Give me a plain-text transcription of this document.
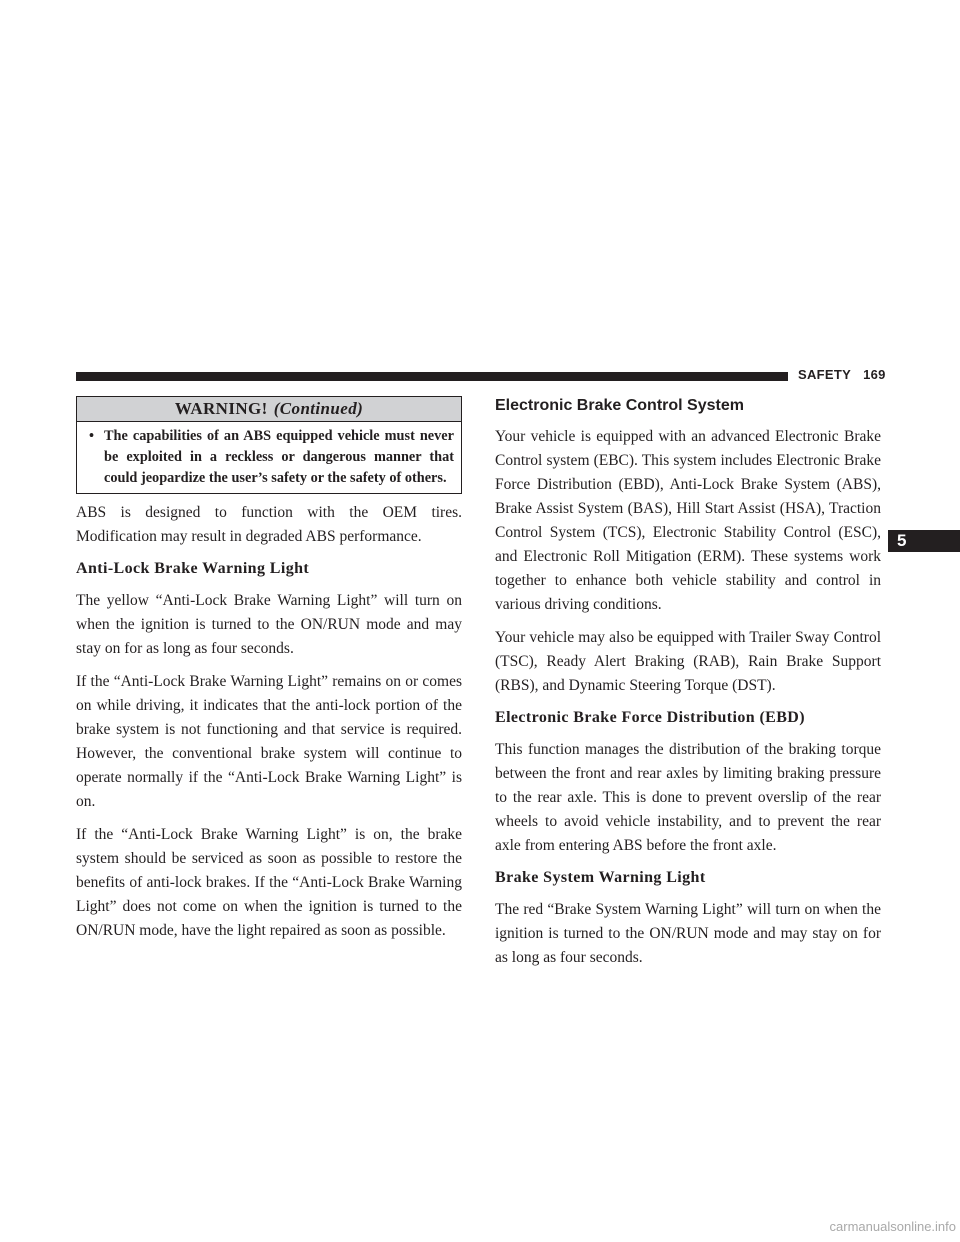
SAFETY 169
5
WARNING! (Continued)
• The capabilities of an ABS equipped vehicle must never be exploited in a reckless or dangerous manner that could jeopardize the user’s safety or the safety of others.

ABS is designed to function with the OEM tires. Modification may result in degraded ABS performance.

Anti-Lock Brake Warning Light

The yellow “Anti-Lock Brake Warning Light” will turn on when the ignition is turned to the ON/RUN mode and may stay on for as long as four seconds.

If the “Anti-Lock Brake Warning Light” remains on or comes on while driving, it indicates that the anti-lock portion of the brake system is not functioning and that service is required. However, the conventional brake system will continue to operate normally if the “Anti-Lock Brake Warning Light” is on.

If the “Anti-Lock Brake Warning Light” is on, the brake system should be serviced as soon as possible to restore the benefits of anti-lock brakes. If the “Anti-Lock Brake Warning Light” does not come on when the ignition is turned to the ON/RUN mode, have the light repaired as soon as possible.

Electronic Brake Control System

Your vehicle is equipped with an advanced Electronic Brake Control system (EBC). This system includes Electronic Brake Force Distribution (EBD), Anti-Lock Brake System (ABS), Brake Assist System (BAS), Hill Start Assist (HSA), Traction Control System (TCS), Electronic Stability Control (ESC), and Electronic Roll Mitigation (ERM). These systems work together to enhance both vehicle stability and control in various driving conditions.

Your vehicle may also be equipped with Trailer Sway Control (TSC), Ready Alert Braking (RAB), Rain Brake Support (RBS), and Dynamic Steering Torque (DST).

Electronic Brake Force Distribution (EBD)

This function manages the distribution of the braking torque between the front and rear axles by limiting braking pressure to the rear axle. This is done to prevent overslip of the rear wheels to avoid vehicle instability, and to prevent the rear axle from entering ABS before the front axle.

Brake System Warning Light

The red “Brake System Warning Light” will turn on when the ignition is turned to the ON/RUN mode and may stay on for as long as four seconds.

carmanualsonline.info
